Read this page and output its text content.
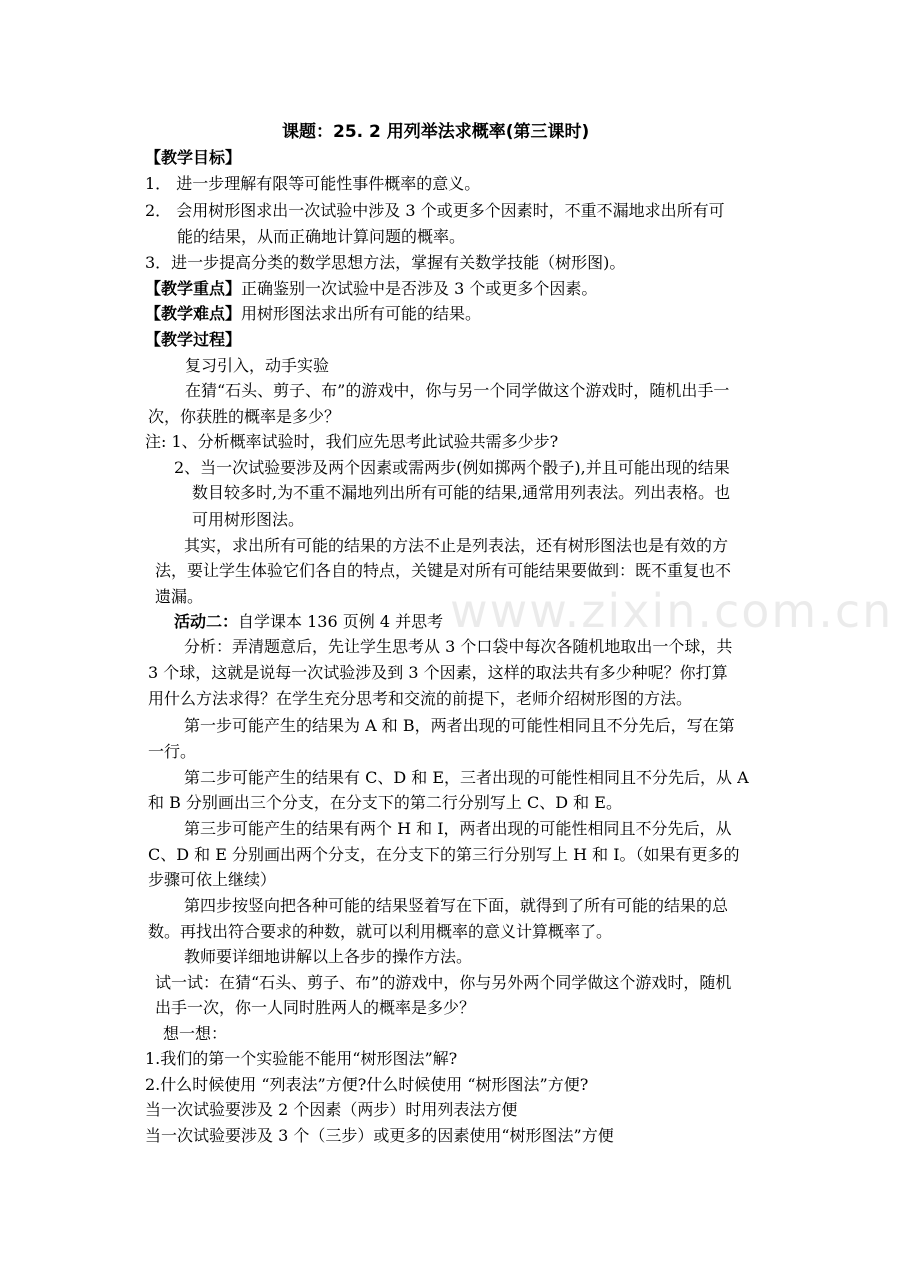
课题：25. 2 用列举法求概率(第三课时)
【教学目标】
1． 进一步理解有限等可能性事件概率的意义。
2． 会用树形图求出一次试验中涉及 3 个或更多个因素时，不重不漏地求出所有可
能的结果，从而正确地计算问题的概率。
3．进一步提高分类的数学思想方法，掌握有关数学技能（树形图)。
【教学重点】正确鉴别一次试验中是否涉及 3 个或更多个因素。
【教学难点】用树形图法求出所有可能的结果。
【教学过程】
复习引入，动手实验
在猜“石头、剪子、布”的游戏中，你与另一个同学做这个游戏时，随机出手一
次，你获胜的概率是多少？
注: 1、分析概率试验时，我们应先思考此试验共需多少步?
2、当一次试验要涉及两个因素或需两步(例如掷两个骰子),并且可能出现的结果
数目较多时,为不重不漏地列出所有可能的结果,通常用列表法。列出表格。也
可用树形图法。
其实，求出所有可能的结果的方法不止是列表法，还有树形图法也是有效的方
法，要让学生体验它们各自的特点，关键是对所有可能结果要做到：既不重复也不
遗漏。
活动二：自学课本 136 页例 4 并思考
分析：弄清题意后，先让学生思考从 3 个口袋中每次各随机地取出一个球，共
3 个球，这就是说每一次试验涉及到 3 个因素，这样的取法共有多少种呢？你打算
用什么方法求得？在学生充分思考和交流的前提下，老师介绍树形图的方法。
第一步可能产生的结果为 A 和 B，两者出现的可能性相同且不分先后，写在第
一行。
第二步可能产生的结果有 C、D 和 E，三者出现的可能性相同且不分先后，从 A
和 B 分别画出三个分支，在分支下的第二行分别写上 C、D 和 E。
第三步可能产生的结果有两个 H 和 I，两者出现的可能性相同且不分先后，从
C、D 和 E 分别画出两个分支，在分支下的第三行分别写上 H 和 I。（如果有更多的
步骤可依上继续）
第四步按竖向把各种可能的结果竖着写在下面，就得到了所有可能的结果的总
数。再找出符合要求的种数，就可以利用概率的意义计算概率了。
教师要详细地讲解以上各步的操作方法。
试一试：在猜“石头、剪子、布”的游戏中，你与另外两个同学做这个游戏时，随机
出手一次，你一人同时胜两人的概率是多少？
想一想：
1.我们的第一个实验能不能用“树形图法”解?
2.什么时候使用 “列表法”方便?什么时候使用 “树形图法”方便?
当一次试验要涉及 2 个因素（两步）时用列表法方便
当一次试验要涉及 3 个（三步）或更多的因素使用“树形图法”方便
www.zixin.com.cn
